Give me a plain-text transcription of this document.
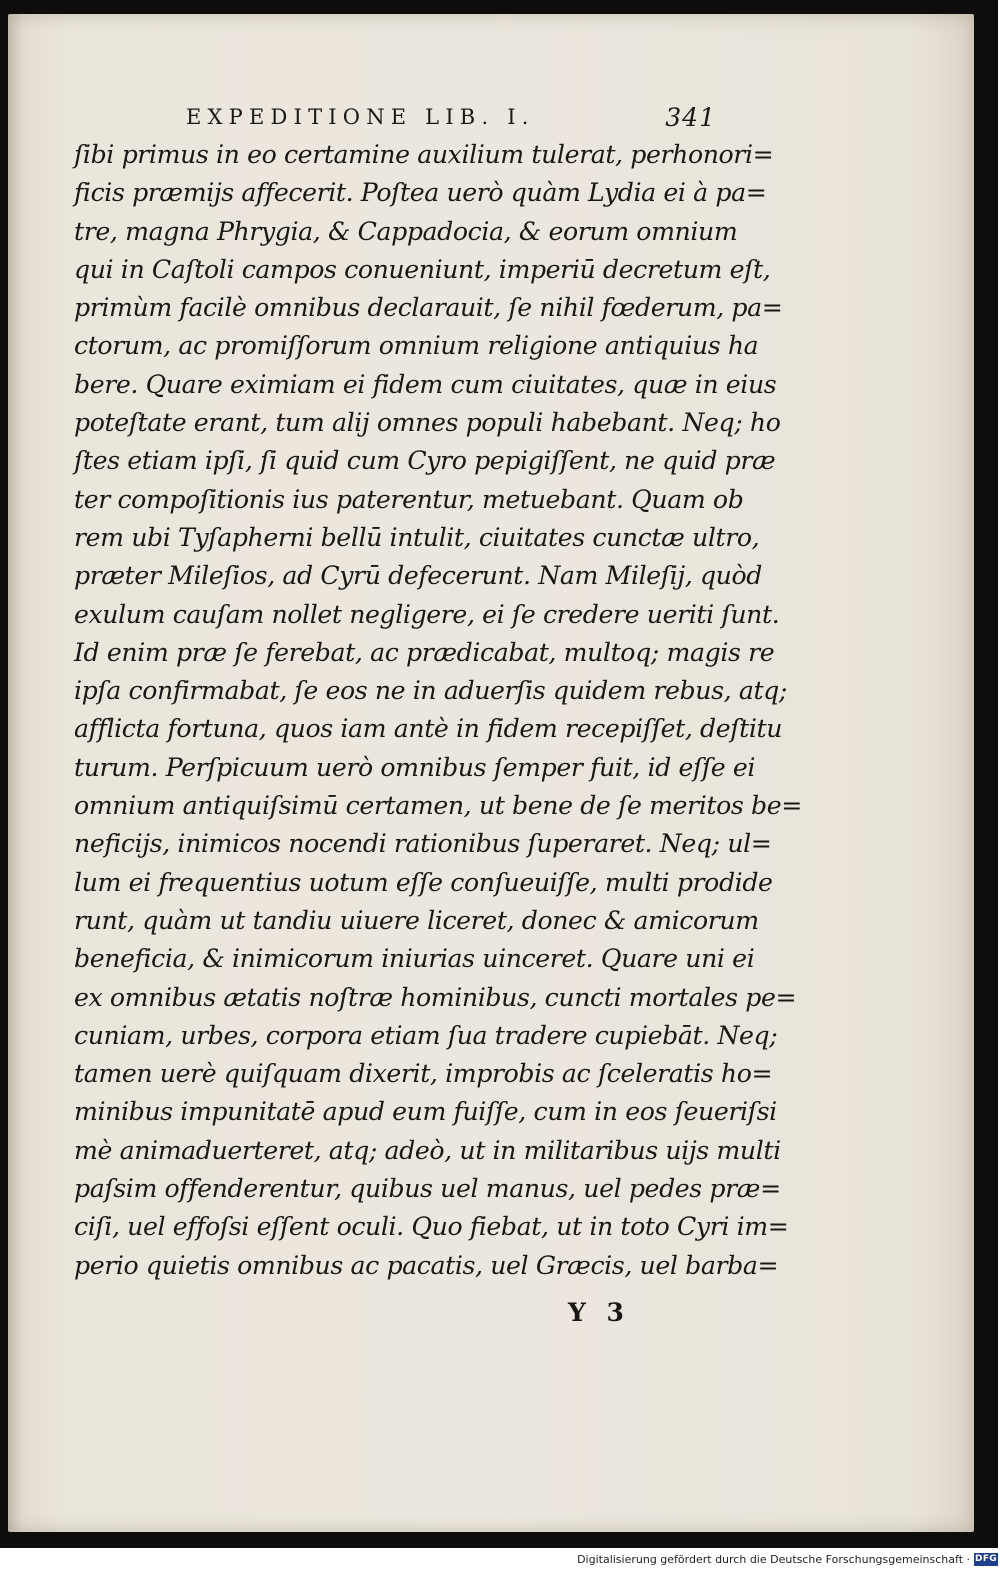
EXPEDITIONE LIB. I.	341
ſibi primus in eo certamine auxilium tulerat, perhonori=
ficis præmijs affecerit. Poſtea uerò quàm Lydia ei à pa=
tre, magna Phrygia, & Cappadocia, & eorum omnium
qui in Caſtoli campos conueniunt, imperiū decretum eſt,
primùm facilè omnibus declarauit, ſe nihil fœderum, pa=
ctorum, ac promiſſorum omnium religione antiquius ha
bere. Quare eximiam ei fidem cum ciuitates, quæ in eius
poteſtate erant, tum alij omnes populi habebant. Neq; ho
ſtes etiam ipſi, ſi quid cum Cyro pepigiſſent, ne quid præ
ter compoſitionis ius paterentur, metuebant. Quam ob
rem ubi Tyſapherni bellū intulit, ciuitates cunctæ ultro,
præter Mileſios, ad Cyrū defecerunt. Nam Mileſij, quòd
exulum cauſam nollet negligere, ei ſe credere ueriti ſunt.
Id enim præ ſe ferebat, ac prædicabat, multoq; magis re
ipſa confirmabat, ſe eos ne in aduerſis quidem rebus, atq;
afflicta fortuna, quos iam antè in fidem recepiſſet, deſtitu
turum. Perſpicuum uerò omnibus ſemper fuit, id eſſe ei
omnium antiquiſsimū certamen, ut bene de ſe meritos be=
neficijs, inimicos nocendi rationibus ſuperaret. Neq; ul=
lum ei frequentius uotum eſſe conſueuiſſe, multi prodide
runt, quàm ut tandiu uiuere liceret, donec & amicorum
beneficia, & inimicorum iniurias uinceret. Quare uni ei
ex omnibus ætatis noſtræ hominibus, cuncti mortales pe=
cuniam, urbes, corpora etiam ſua tradere cupiebāt. Neq;
tamen uerè quiſquam dixerit, improbis ac ſceleratis ho=
minibus impunitatē apud eum fuiſſe, cum in eos ſeueriſsi
mè animaduerteret, atq; adeò, ut in militaribus uijs multi
paſsim offenderentur, quibus uel manus, uel pedes præ=
ciſi, uel effoſsi eſſent oculi. Quo fiebat, ut in toto Cyri im=
perio quietis omnibus ac pacatis, uel Græcis, uel barba=
Y 3
Digitalisierung gefördert durch die Deutsche Forschungsgemeinschaft · DFG
